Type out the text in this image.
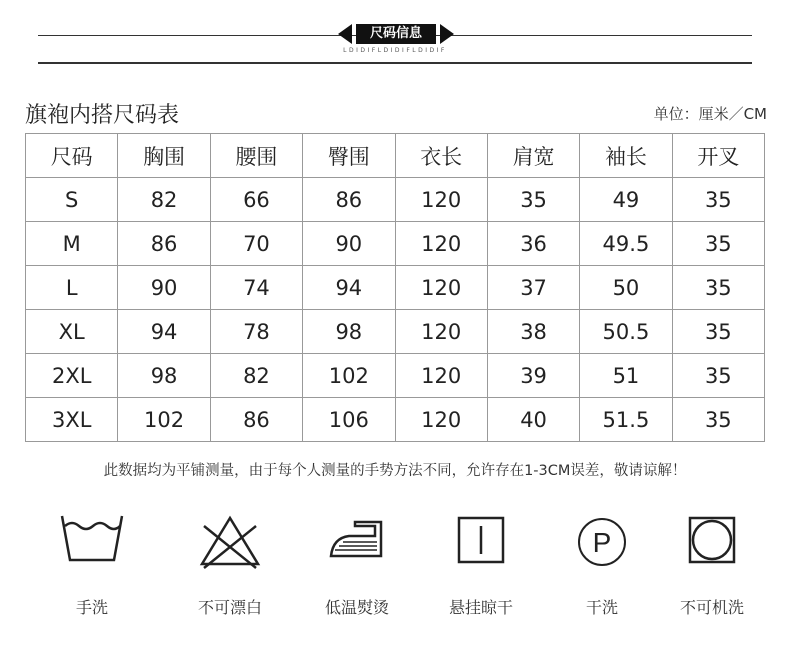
尺码信息
LDIDIFLDIDIFLDIDIF
旗袍内搭尺码表	单位：厘米／CM
尺码	胸围	腰围	臀围	衣长	肩宽	袖长	开叉
S	82	66	86	120	35	49	35
M	86	70	90	120	36	49.5	35
L	90	74	94	120	37	50	35
XL	94	78	98	120	38	50.5	35
2XL	98	82	102	120	39	51	35
3XL	102	86	106	120	40	51.5	35
此数据均为平铺测量，由于每个人测量的手势方法不同，允许存在1-3CM误差，敬请谅解！
手洗	不可漂白	低温熨烫	悬挂晾干
P
干洗	不可机洗
